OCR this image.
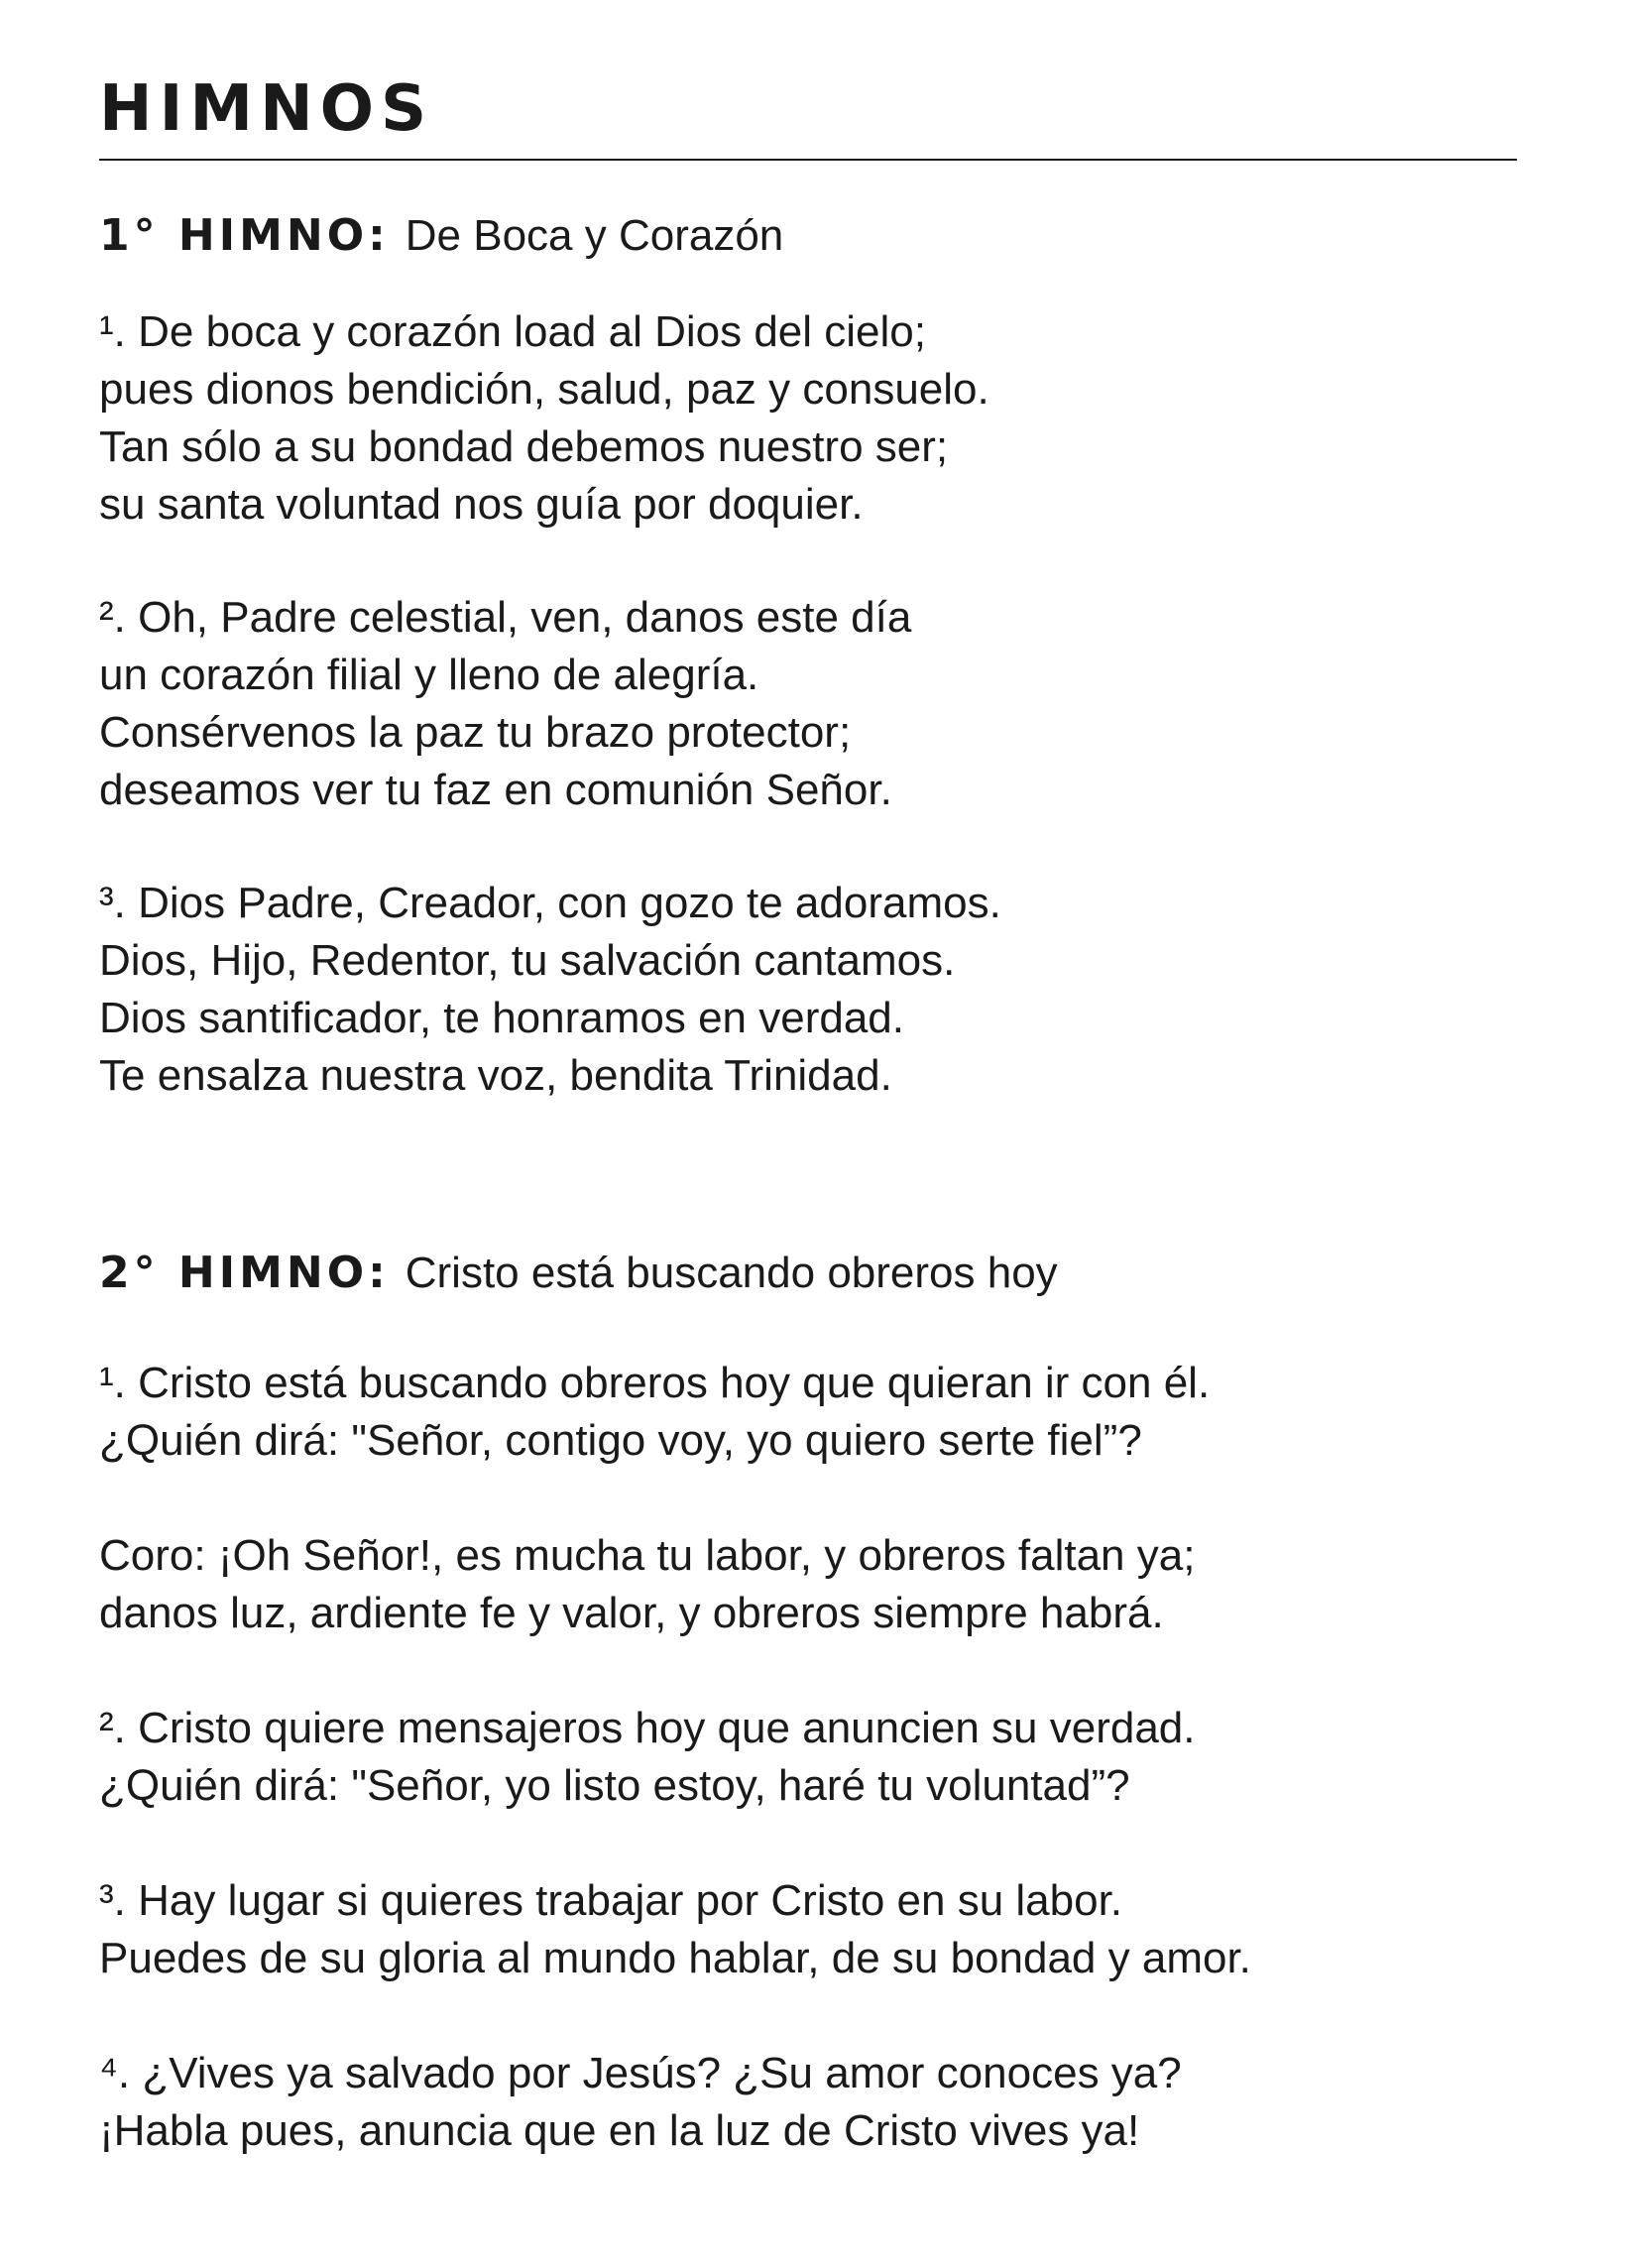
HIMNOS
1° HIMNO: De Boca y Corazón

¹. De boca y corazón load al Dios del cielo;
pues dionos bendición, salud, paz y consuelo.
Tan sólo a su bondad debemos nuestro ser;
su santa voluntad nos guía por doquier.

². Oh, Padre celestial, ven, danos este día
un corazón filial y lleno de alegría.
Consérvenos la paz tu brazo protector;
deseamos ver tu faz en comunión Señor.

³. Dios Padre, Creador, con gozo te adoramos.
Dios, Hijo, Redentor, tu salvación cantamos.
Dios santificador, te honramos en verdad.
Te ensalza nuestra voz, bendita Trinidad.

2° HIMNO: Cristo está buscando obreros hoy

¹. Cristo está buscando obreros hoy que quieran ir con él.
¿Quién dirá: "Señor, contigo voy, yo quiero serte fiel”?

Coro: ¡Oh Señor!, es mucha tu labor, y obreros faltan ya;
danos luz, ardiente fe y valor, y obreros siempre habrá.

². Cristo quiere mensajeros hoy que anuncien su verdad.
¿Quién dirá: "Señor, yo listo estoy, haré tu voluntad”?

³. Hay lugar si quieres trabajar por Cristo en su labor.
Puedes de su gloria al mundo hablar, de su bondad y amor.

⁴. ¿Vives ya salvado por Jesús? ¿Su amor conoces ya?
¡Habla pues, anuncia que en la luz de Cristo vives ya!
